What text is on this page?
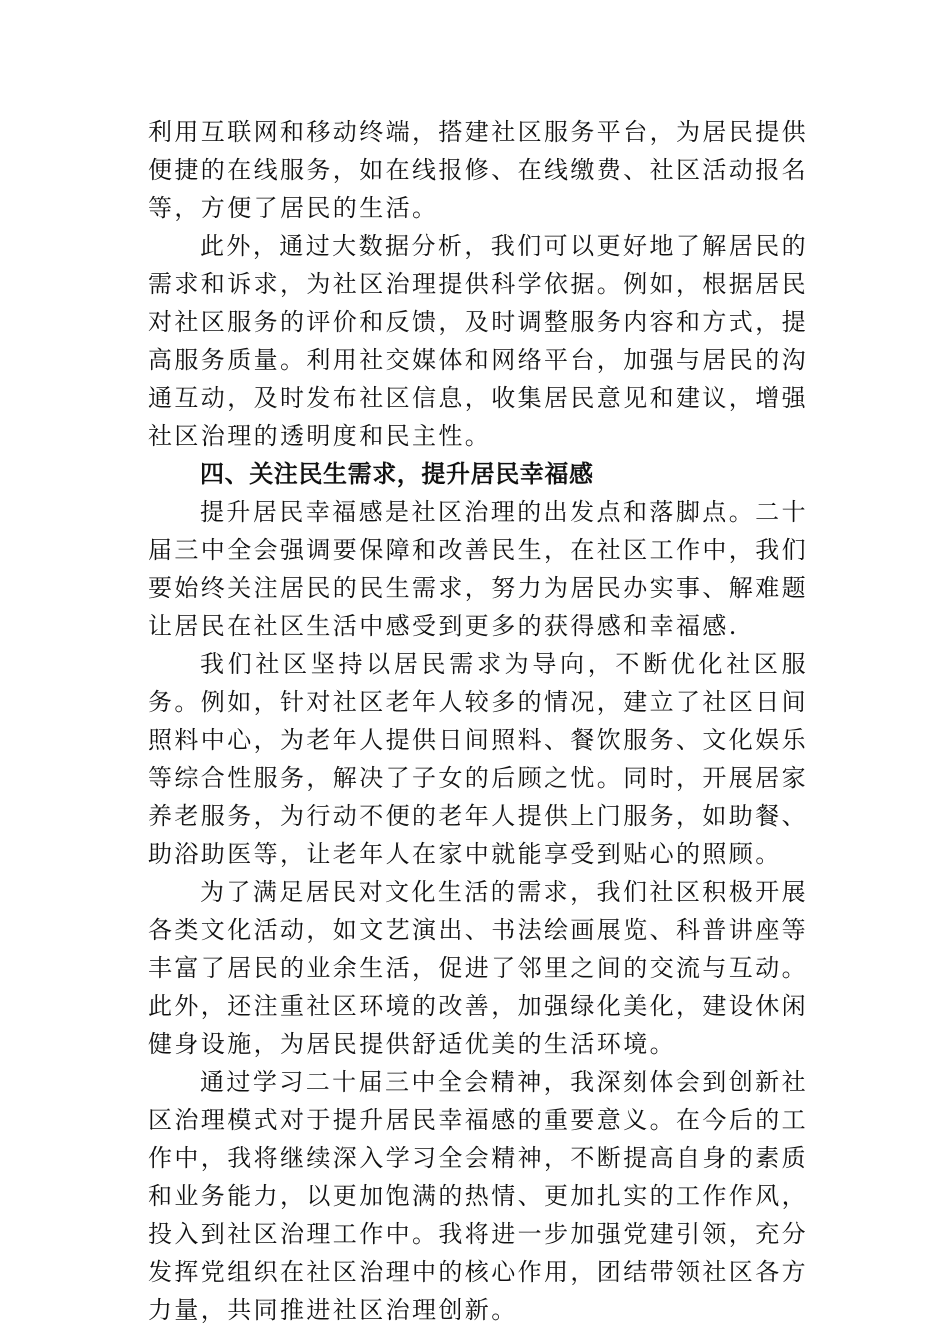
利用互联网和移动终端，搭建社区服务平台，为居民提供便捷的在线服务，如在线报修、在线缴费、社区活动报名等，方便了居民的生活。

此外，通过大数据分析，我们可以更好地了解居民的需求和诉求，为社区治理提供科学依据。例如，根据居民对社区服务的评价和反馈，及时调整服务内容和方式，提高服务质量。利用社交媒体和网络平台，加强与居民的沟通互动，及时发布社区信息，收集居民意见和建议，增强社区治理的透明度和民主性。

四、关注民生需求，提升居民幸福感

提升居民幸福感是社区治理的出发点和落脚点。二十届三中全会强调要保障和改善民生，在社区工作中，我们要始终关注居民的民生需求，努力为居民办实事、解难题让居民在社区生活中感受到更多的获得感和幸福感.

我们社区坚持以居民需求为导向，不断优化社区服务。例如，针对社区老年人较多的情况，建立了社区日间照料中心，为老年人提供日间照料、餐饮服务、文化娱乐等综合性服务，解决了子女的后顾之忧。同时，开展居家养老服务，为行动不便的老年人提供上门服务，如助餐、助浴助医等，让老年人在家中就能享受到贴心的照顾。

为了满足居民对文化生活的需求，我们社区积极开展各类文化活动，如文艺演出、书法绘画展览、科普讲座等丰富了居民的业余生活，促进了邻里之间的交流与互动。此外，还注重社区环境的改善，加强绿化美化，建设休闲健身设施，为居民提供舒适优美的生活环境。

通过学习二十届三中全会精神，我深刻体会到创新社区治理模式对于提升居民幸福感的重要意义。在今后的工作中，我将继续深入学习全会精神，不断提高自身的素质和业务能力，以更加饱满的热情、更加扎实的工作作风，投入到社区治理工作中。我将进一步加强党建引领，充分发挥党组织在社区治理中的核心作用，团结带领社区各方力量，共同推进社区治理创新。
